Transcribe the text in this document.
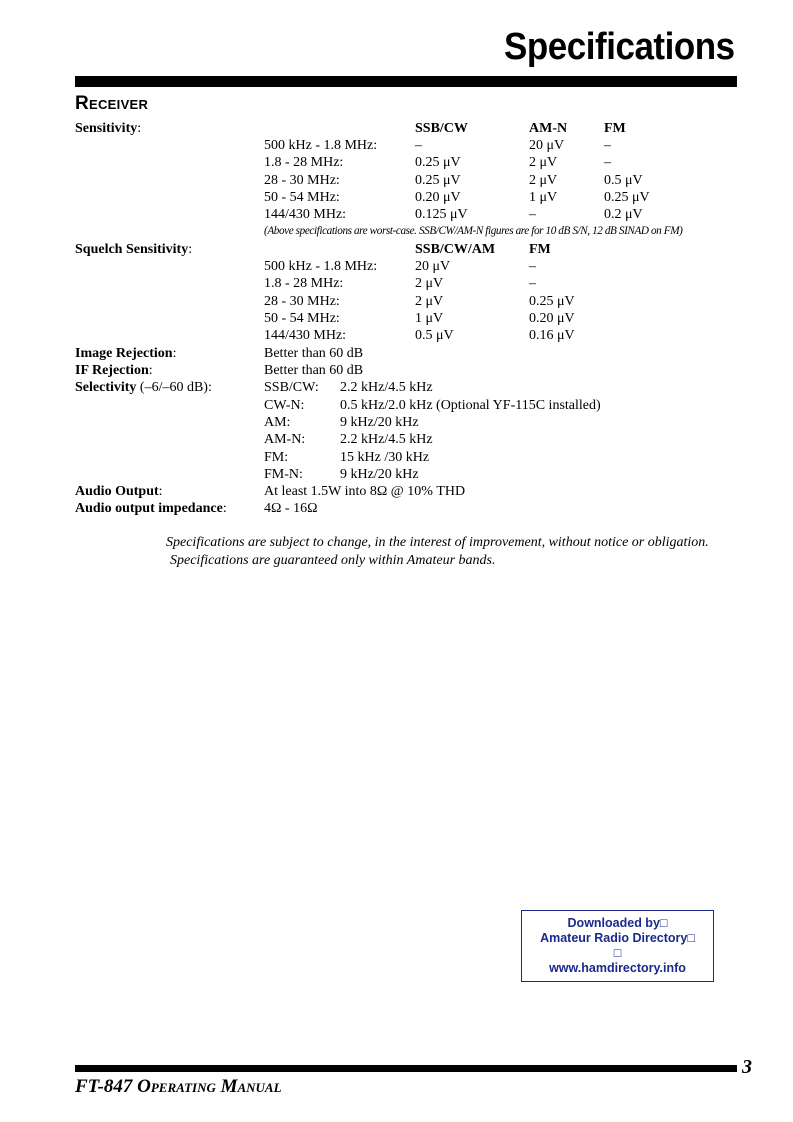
Specifications
Receiver
Sensitivity:	SSB/CW	AM-N	FM
500 kHz - 1.8 MHz:	–	20 μV	–
1.8 - 28 MHz:	0.25 μV	2 μV	–
28 - 30 MHz:	0.25 μV	2 μV	0.5 μV
50 - 54 MHz:	0.20 μV	1 μV	0.25 μV
144/430 MHz:	0.125 μV	–	0.2 μV
(Above specifications are worst-case. SSB/CW/AM-N figures are for 10 dB S/N, 12 dB SINAD on FM)
Squelch Sensitivity:	SSB/CW/AM FM
500 kHz - 1.8 MHz:	20 μV	–
1.8 - 28 MHz:	2 μV	–
28 - 30 MHz:	2 μV	0.25 μV
50 - 54 MHz:	1 μV	0.20 μV
144/430 MHz:	0.5 μV	0.16 μV
Image Rejection:	Better than 60 dB
IF Rejection:	Better than 60 dB
Selectivity (–6/–60 dB):	SSB/CW: 2.2 kHz/4.5 kHz
CW-N:	0.5 kHz/2.0 kHz (Optional YF-115C installed)
AM:	9 kHz/20 kHz
AM-N: 2.2 kHz/4.5 kHz
FM:	15 kHz /30 kHz
FM-N:	9 kHz/20 kHz
Audio Output:	At least 1.5W into 8Ω @ 10% THD
Audio output impedance:	4Ω - 16Ω
Specifications are subject to change, in the interest of improvement, without notice or obligation.
Specifications are guaranteed only within Amateur bands.
Downloaded by□
Amateur Radio Directory□
□
www.hamdirectory.info
3
FT-847 Operating Manual
